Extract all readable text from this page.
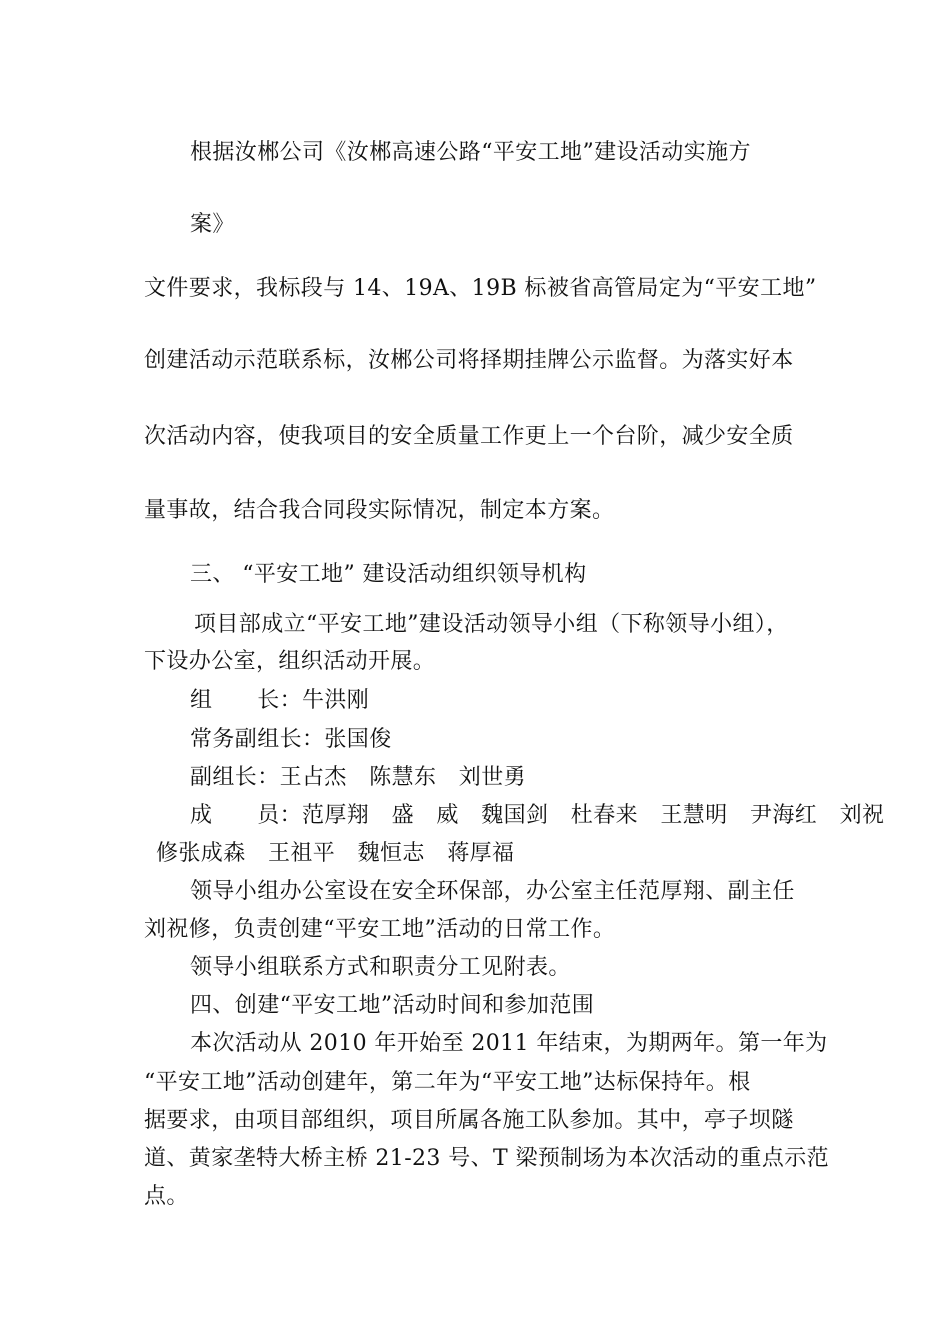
根据汝郴公司《汝郴高速公路“平安工地”建设活动实施方
案》
文件要求，我标段与 14、19A、19B 标被省高管局定为“平安工地”
创建活动示范联系标，汝郴公司将择期挂牌公示监督。为落实好本
次活动内容，使我项目的安全质量工作更上一个台阶，减少安全质
量事故，结合我合同段实际情况，制定本方案。
三、 “平安工地” 建设活动组织领导机构
项目部成立“平安工地”建设活动领导小组（下称领导小组），
下设办公室，组织活动开展。
组　　长：牛洪刚
常务副组长：张国俊
副组长：王占杰　陈慧东　刘世勇
成　　员：范厚翔　盛　威　魏国剑　杜春来　王慧明　尹海红　刘祝
修张成森　王祖平　魏恒志　蒋厚福
领导小组办公室设在安全环保部，办公室主任范厚翔、副主任
刘祝修，负责创建“平安工地”活动的日常工作。
领导小组联系方式和职责分工见附表。
四、创建“平安工地”活动时间和参加范围
本次活动从 2010 年开始至 2011 年结束，为期两年。第一年为
“平安工地”活动创建年，第二年为“平安工地”达标保持年。根
据要求，由项目部组织，项目所属各施工队参加。其中，亭子坝隧
道、黄家垄特大桥主桥 21-23 号、T 梁预制场为本次活动的重点示范
点。
